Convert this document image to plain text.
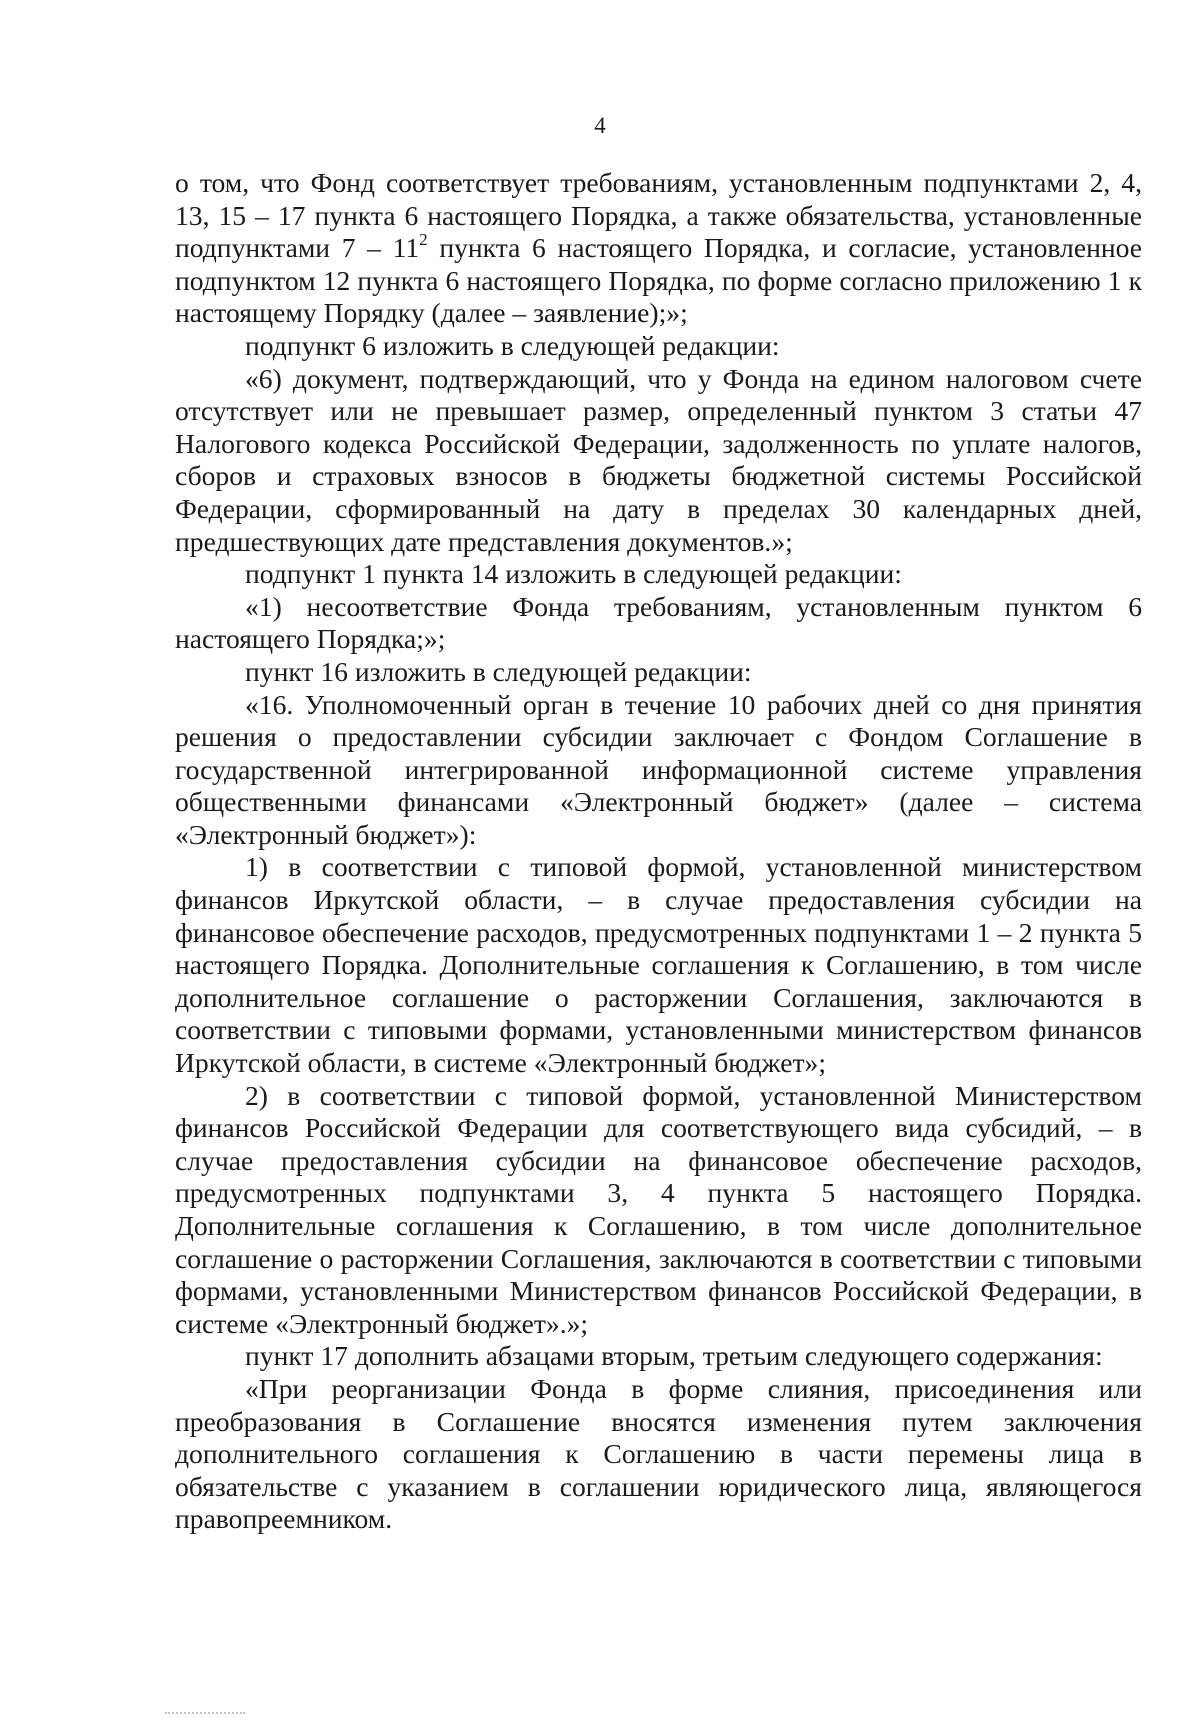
4

о том, что Фонд соответствует требованиям, установленным подпунктами 2, 4, 13, 15 – 17 пункта 6 настоящего Порядка, а также обязательства, установленные подпунктами $7 - 11^2$ пункта 6 настоящего Порядка, и согласие, установленное подпунктом 12 пункта 6 настоящего Порядка, по форме согласно приложению 1 к настоящему Порядку (далее – заявление);»;

подпункт 6 изложить в следующей редакции:

«6) документ, подтверждающий, что у Фонда на едином налоговом счете отсутствует или не превышает размер, определенный пунктом 3 статьи 47 Налогового кодекса Российской Федерации, задолженность по уплате налогов, сборов и страховых взносов в бюджеты бюджетной системы Российской Федерации, сформированный на дату в пределах 30 календарных дней, предшествующих дате представления документов.»;

подпункт 1 пункта 14 изложить в следующей редакции:

«1) несоответствие Фонда требованиям, установленным пунктом 6 настоящего Порядка;»;

пункт 16 изложить в следующей редакции:

«16. Уполномоченный орган в течение 10 рабочих дней со дня принятия решения о предоставлении субсидии заключает с Фондом Соглашение в государственной интегрированной информационной системе управления общественными финансами «Электронный бюджет» (далее – система «Электронный бюджет»):

1) в соответствии с типовой формой, установленной министерством финансов Иркутской области, – в случае предоставления субсидии на финансовое обеспечение расходов, предусмотренных подпунктами 1 – 2 пункта 5 настоящего Порядка. Дополнительные соглашения к Соглашению, в том числе дополнительное соглашение о расторжении Соглашения, заключаются в соответствии с типовыми формами, установленными министерством финансов Иркутской области, в системе «Электронный бюджет»;

2) в соответствии с типовой формой, установленной Министерством финансов Российской Федерации для соответствующего вида субсидий, – в случае предоставления субсидии на финансовое обеспечение расходов, предусмотренных подпунктами 3, 4 пункта 5 настоящего Порядка. Дополнительные соглашения к Соглашению, в том числе дополнительное соглашение о расторжении Соглашения, заключаются в соответствии с типовыми формами, установленными Министерством финансов Российской Федерации, в системе «Электронный бюджет».»;

пункт 17 дополнить абзацами вторым, третьим следующего содержания:

«При реорганизации Фонда в форме слияния, присоединения или преобразования в Соглашение вносятся изменения путем заключения дополнительного соглашения к Соглашению в части перемены лица в обязательстве с указанием в соглашении юридического лица, являющегося правопреемником.
